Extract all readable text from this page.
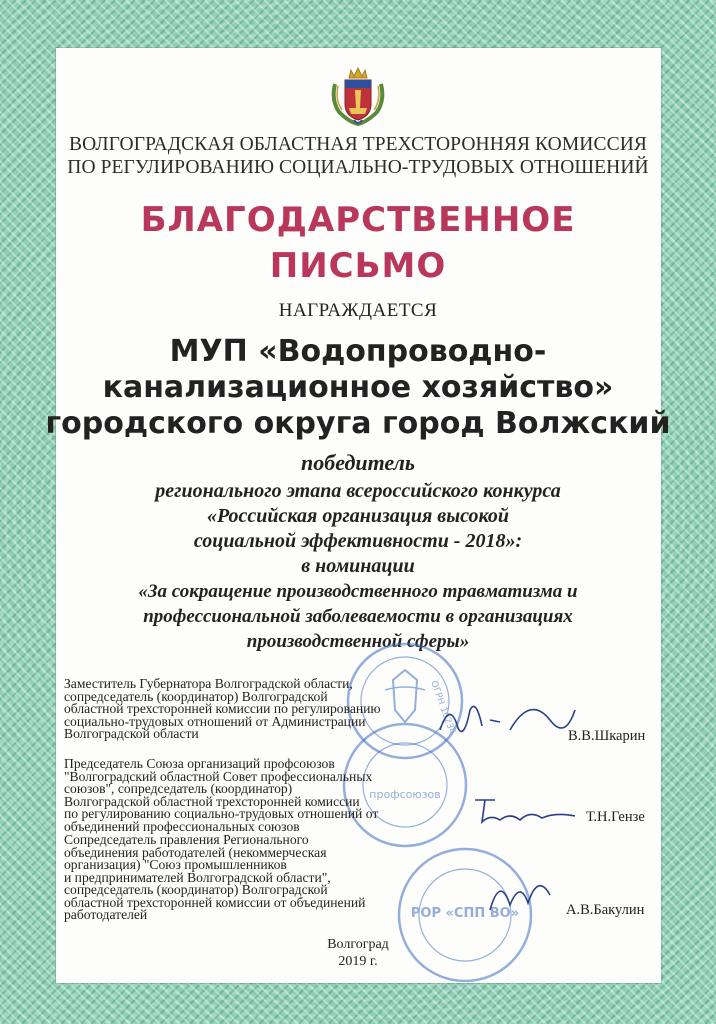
ВОЛГОГРАДСКАЯ ОБЛАСТНАЯ ТРЕХСТОРОННЯЯ КОМИССИЯ
ПО РЕГУЛИРОВАНИЮ СОЦИАЛЬНО-ТРУДОВЫХ ОТНОШЕНИЙ
БЛАГОДАРСТВЕННОЕ
ПИСЬМО
НАГРАЖДАЕТСЯ
МУП «Водопроводно-
канализационное хозяйство»
городского округа город Волжский
победитель
регионального этапа всероссийского конкурса
«Российская организация высокой
социальной эффективности - 2018»:
в номинации
«За сокращение производственного травматизма и
профессиональной заболеваемости в организациях
производственной сферы»
ОГРН 10234
профсоюзов
РОР «СПП ВО»
Заместитель Губернатора Волгоградской области,
сопредседатель (координатор) Волгоградской
областной трехсторонней комиссии по регулированию
социально-трудовых отношений от Администрации
Волгоградской области	В.В.Шкарин
Председатель Союза организаций профсоюзов
"Волгоградский областной Совет профессиональных
союзов", сопредседатель (координатор)
Волгоградской областной трехсторонней комиссии
по регулированию социально-трудовых отношений от
объединений профессиональных союзов
Т.Н.Гензе
Сопредседатель правления Регионального
объединения работодателей (некоммерческая
организация) "Союз промышленников
и предпринимателей Волгоградской области",
сопредседатель (координатор) Волгоградской
областной трехсторонней комиссии от объединений
работодателей	А.В.Бакулин
Волгоград
2019 г.
